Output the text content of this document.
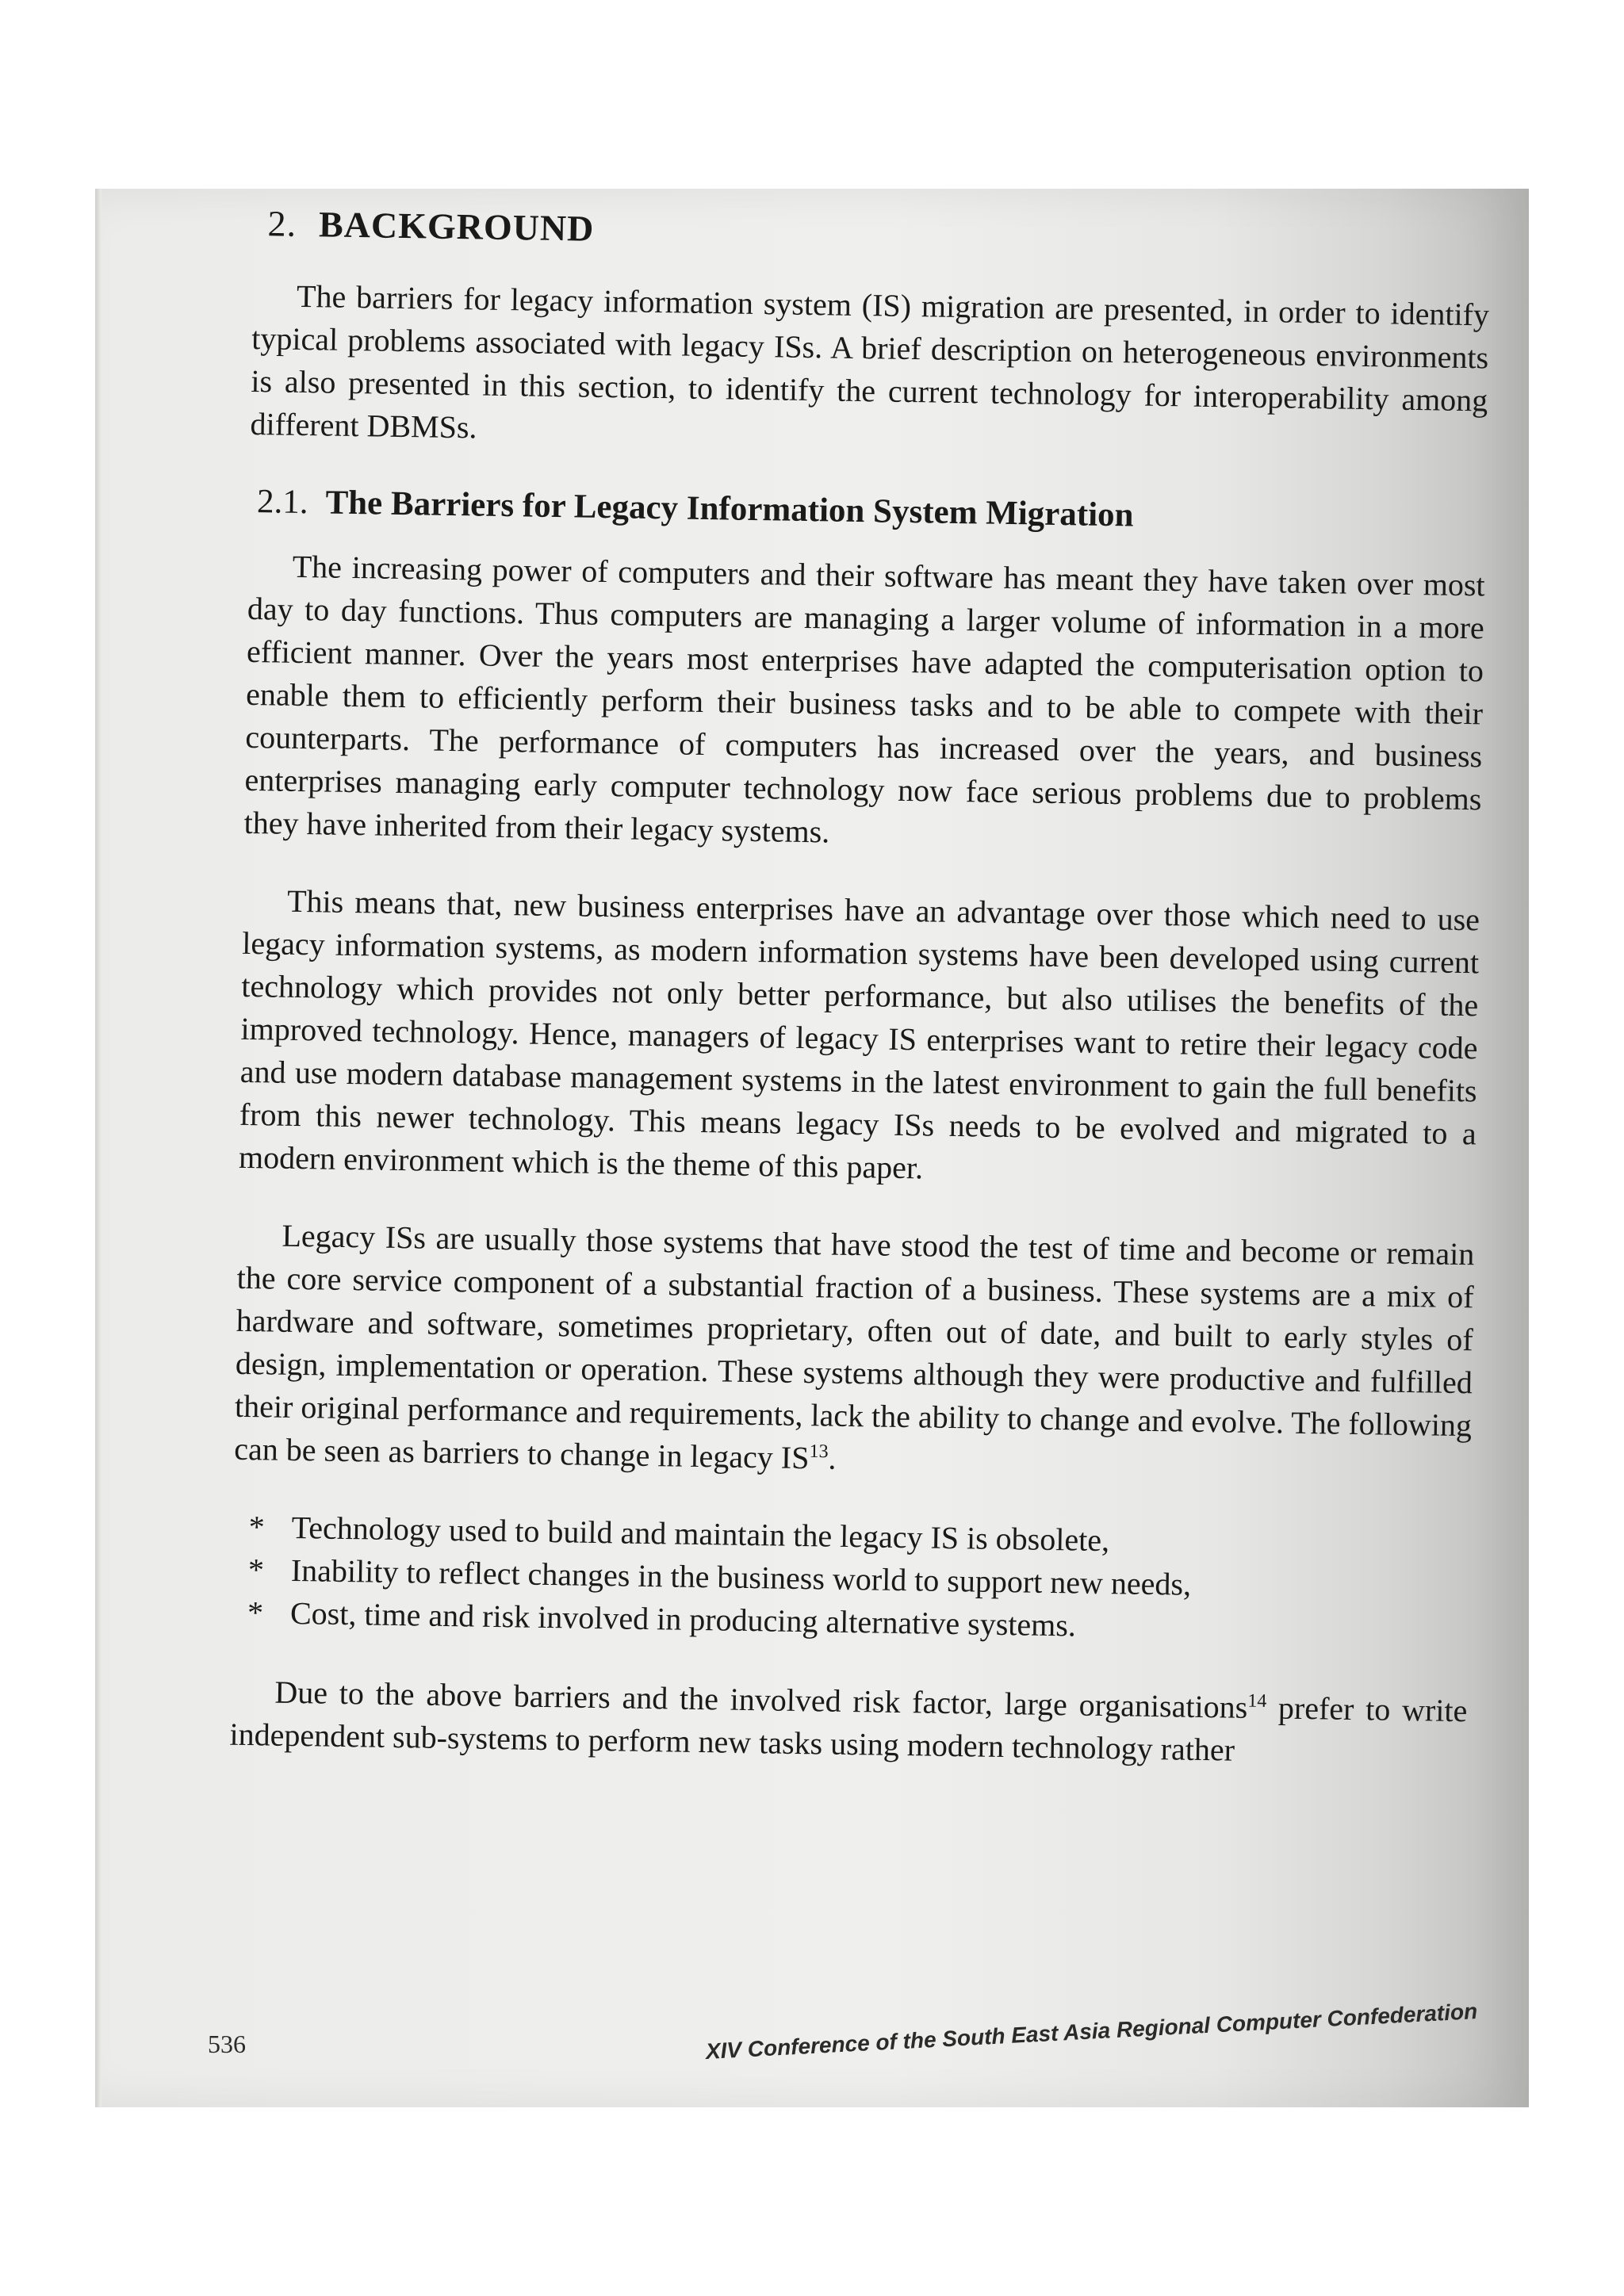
2. BACKGROUND

The barriers for legacy information system (IS) migration are presented, in order to identify typical problems associated with legacy ISs. A brief description on heterogeneous environments is also presented in this section, to identify the current technology for interoperability among different DBMSs.

2.1. The Barriers for Legacy Information System Migration

The increasing power of computers and their software has meant they have taken over most day to day functions. Thus computers are managing a larger volume of information in a more efficient manner. Over the years most enterprises have adapted the computerisation option to enable them to efficiently perform their business tasks and to be able to compete with their counterparts. The performance of computers has increased over the years, and business enterprises managing early computer technology now face serious problems due to problems they have inherited from their legacy systems.

This means that, new business enterprises have an advantage over those which need to use legacy information systems, as modern information systems have been developed using current technology which provides not only better performance, but also utilises the benefits of the improved technology. Hence, managers of legacy IS enterprises want to retire their legacy code and use modern database management systems in the latest environment to gain the full benefits from this newer technology. This means legacy ISs needs to be evolved and migrated to a modern environment which is the theme of this paper.

Legacy ISs are usually those systems that have stood the test of time and become or remain the core service component of a substantial fraction of a business. These systems are a mix of hardware and software, sometimes proprietary, often out of date, and built to early styles of design, implementation or operation. These systems although they were productive and fulfilled their original performance and requirements, lack the ability to change and evolve. The following can be seen as barriers to change in legacy IS$^{13}$.

* Technology used to build and maintain the legacy IS is obsolete,
* Inability to reflect changes in the business world to support new needs,
* Cost, time and risk involved in producing alternative systems.

Due to the above barriers and the involved risk factor, large organisations$^{14}$ prefer to write independent sub-systems to perform new tasks using modern technology rather

536	XIV Conference of the South East Asia Regional Computer Confederation
